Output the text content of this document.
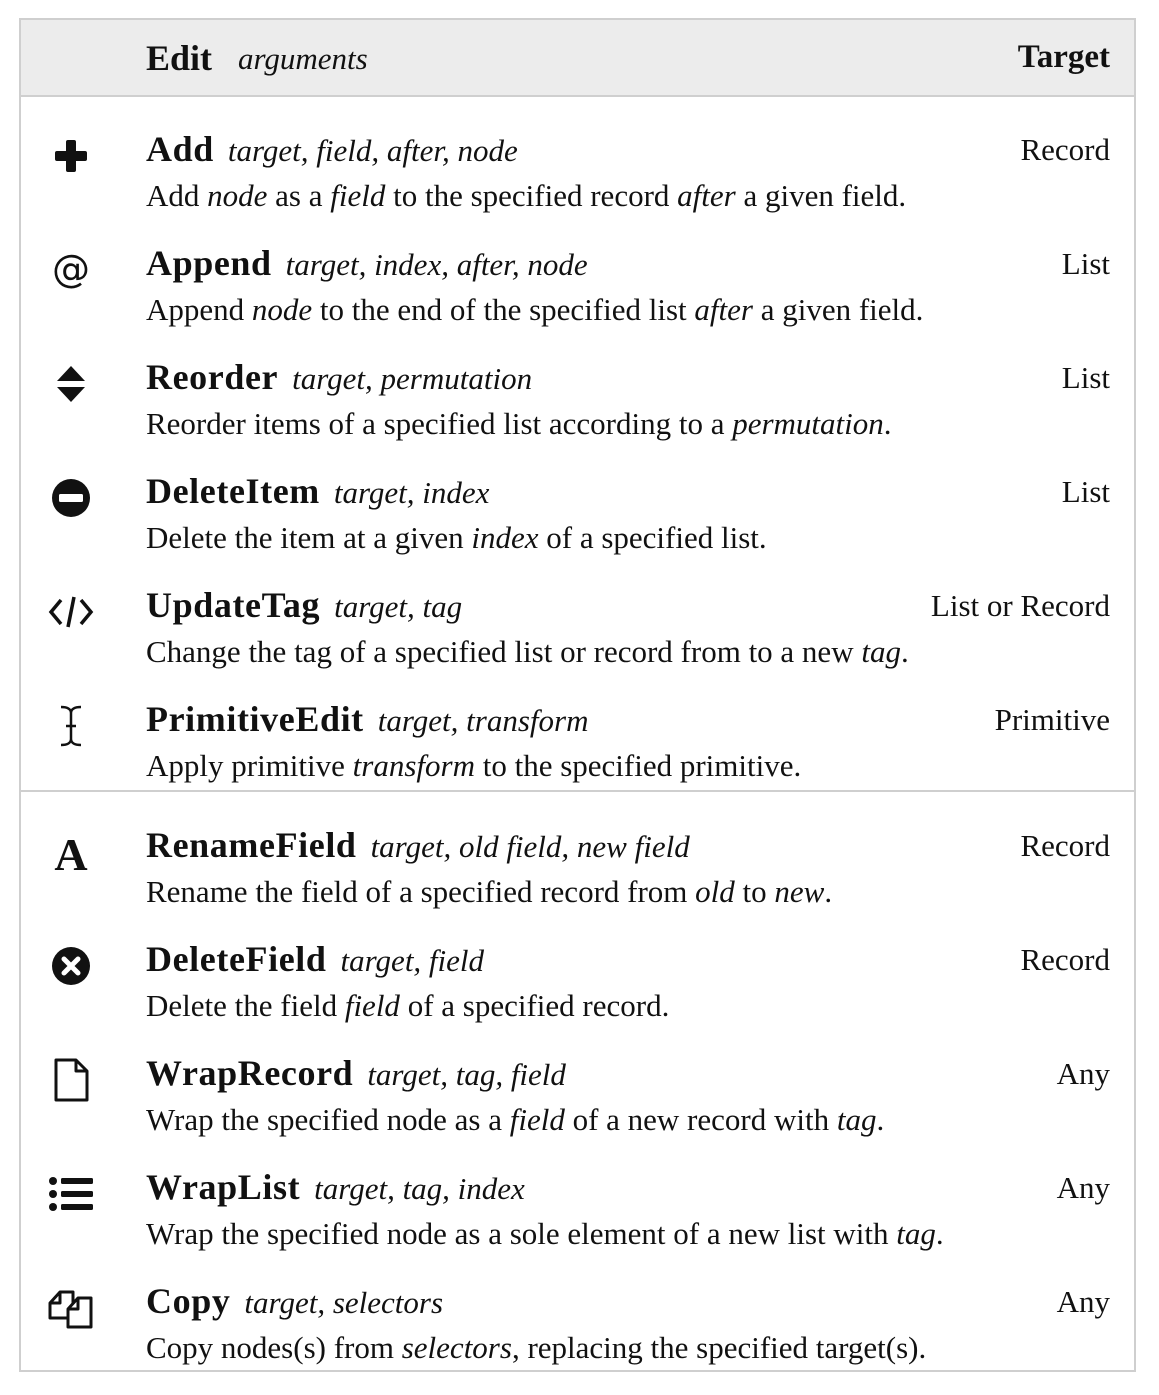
Edit arguments	Target
Add target, field, after, node	Record
Add node as a field to the specified record after a given field.
@ Append target, index, after, node	List
Append node to the end of the specified list after a given field.
Reorder target, permutation	List
Reorder items of a specified list according to a permutation.
DeleteItem target, index	List
Delete the item at a given index of a specified list.
UpdateTag target, tag	List or Record
Change the tag of a specified list or record from to a new tag.
PrimitiveEdit target, transform	Primitive
Apply primitive transform to the specified primitive.
A RenameField target, old field, new field	Record
Rename the field of a specified record from old to new.
DeleteField target, field	Record
Delete the field field of a specified record.
WrapRecord target, tag, field	Any
Wrap the specified node as a field of a new record with tag.
WrapList target, tag, index	Any
Wrap the specified node as a sole element of a new list with tag.
Copy target, selectors	Any
Copy nodes(s) from selectors, replacing the specified target(s).
